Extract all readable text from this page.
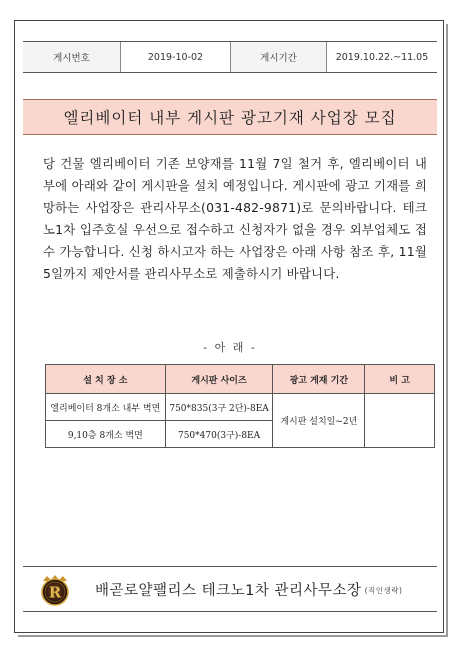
게시번호	2019-10-02	게시기간	2019.10.22.~11.05
엘리베이터 내부 게시판 광고기재 사업장 모집
당 건물 엘리베이터 기존 보양재를 11월 7일 철거 후, 엘리베이터 내부에 아래와 같이 게시판을 설치 예정입니다. 게시판에 광고 기재를 희망하는 사업장은 관리사무소(031-482-9871)로 문의바랍니다. 테크노1차 입주호실 우선으로 접수하고 신청자가 없을 경우 외부업체도 접수 가능합니다. 신청 하시고자 하는 사업장은 아래 사항 참조 후, 11월 5일까지 제안서를 관리사무소로 제출하시기 바랍니다.
- 아 래 -
설 치 장 소	게시판 사이즈	광고 게재 기간	비 고
엘리베이터 8개소 내부 벽면	750*835(3구 2단)-8EA	게시판 설치일~2년	
9,10층 8개소 벽면	750*470(3구)-8EA		
R 배곧로얄팰리스 테크노1차 관리사무소장 (직인생략)
